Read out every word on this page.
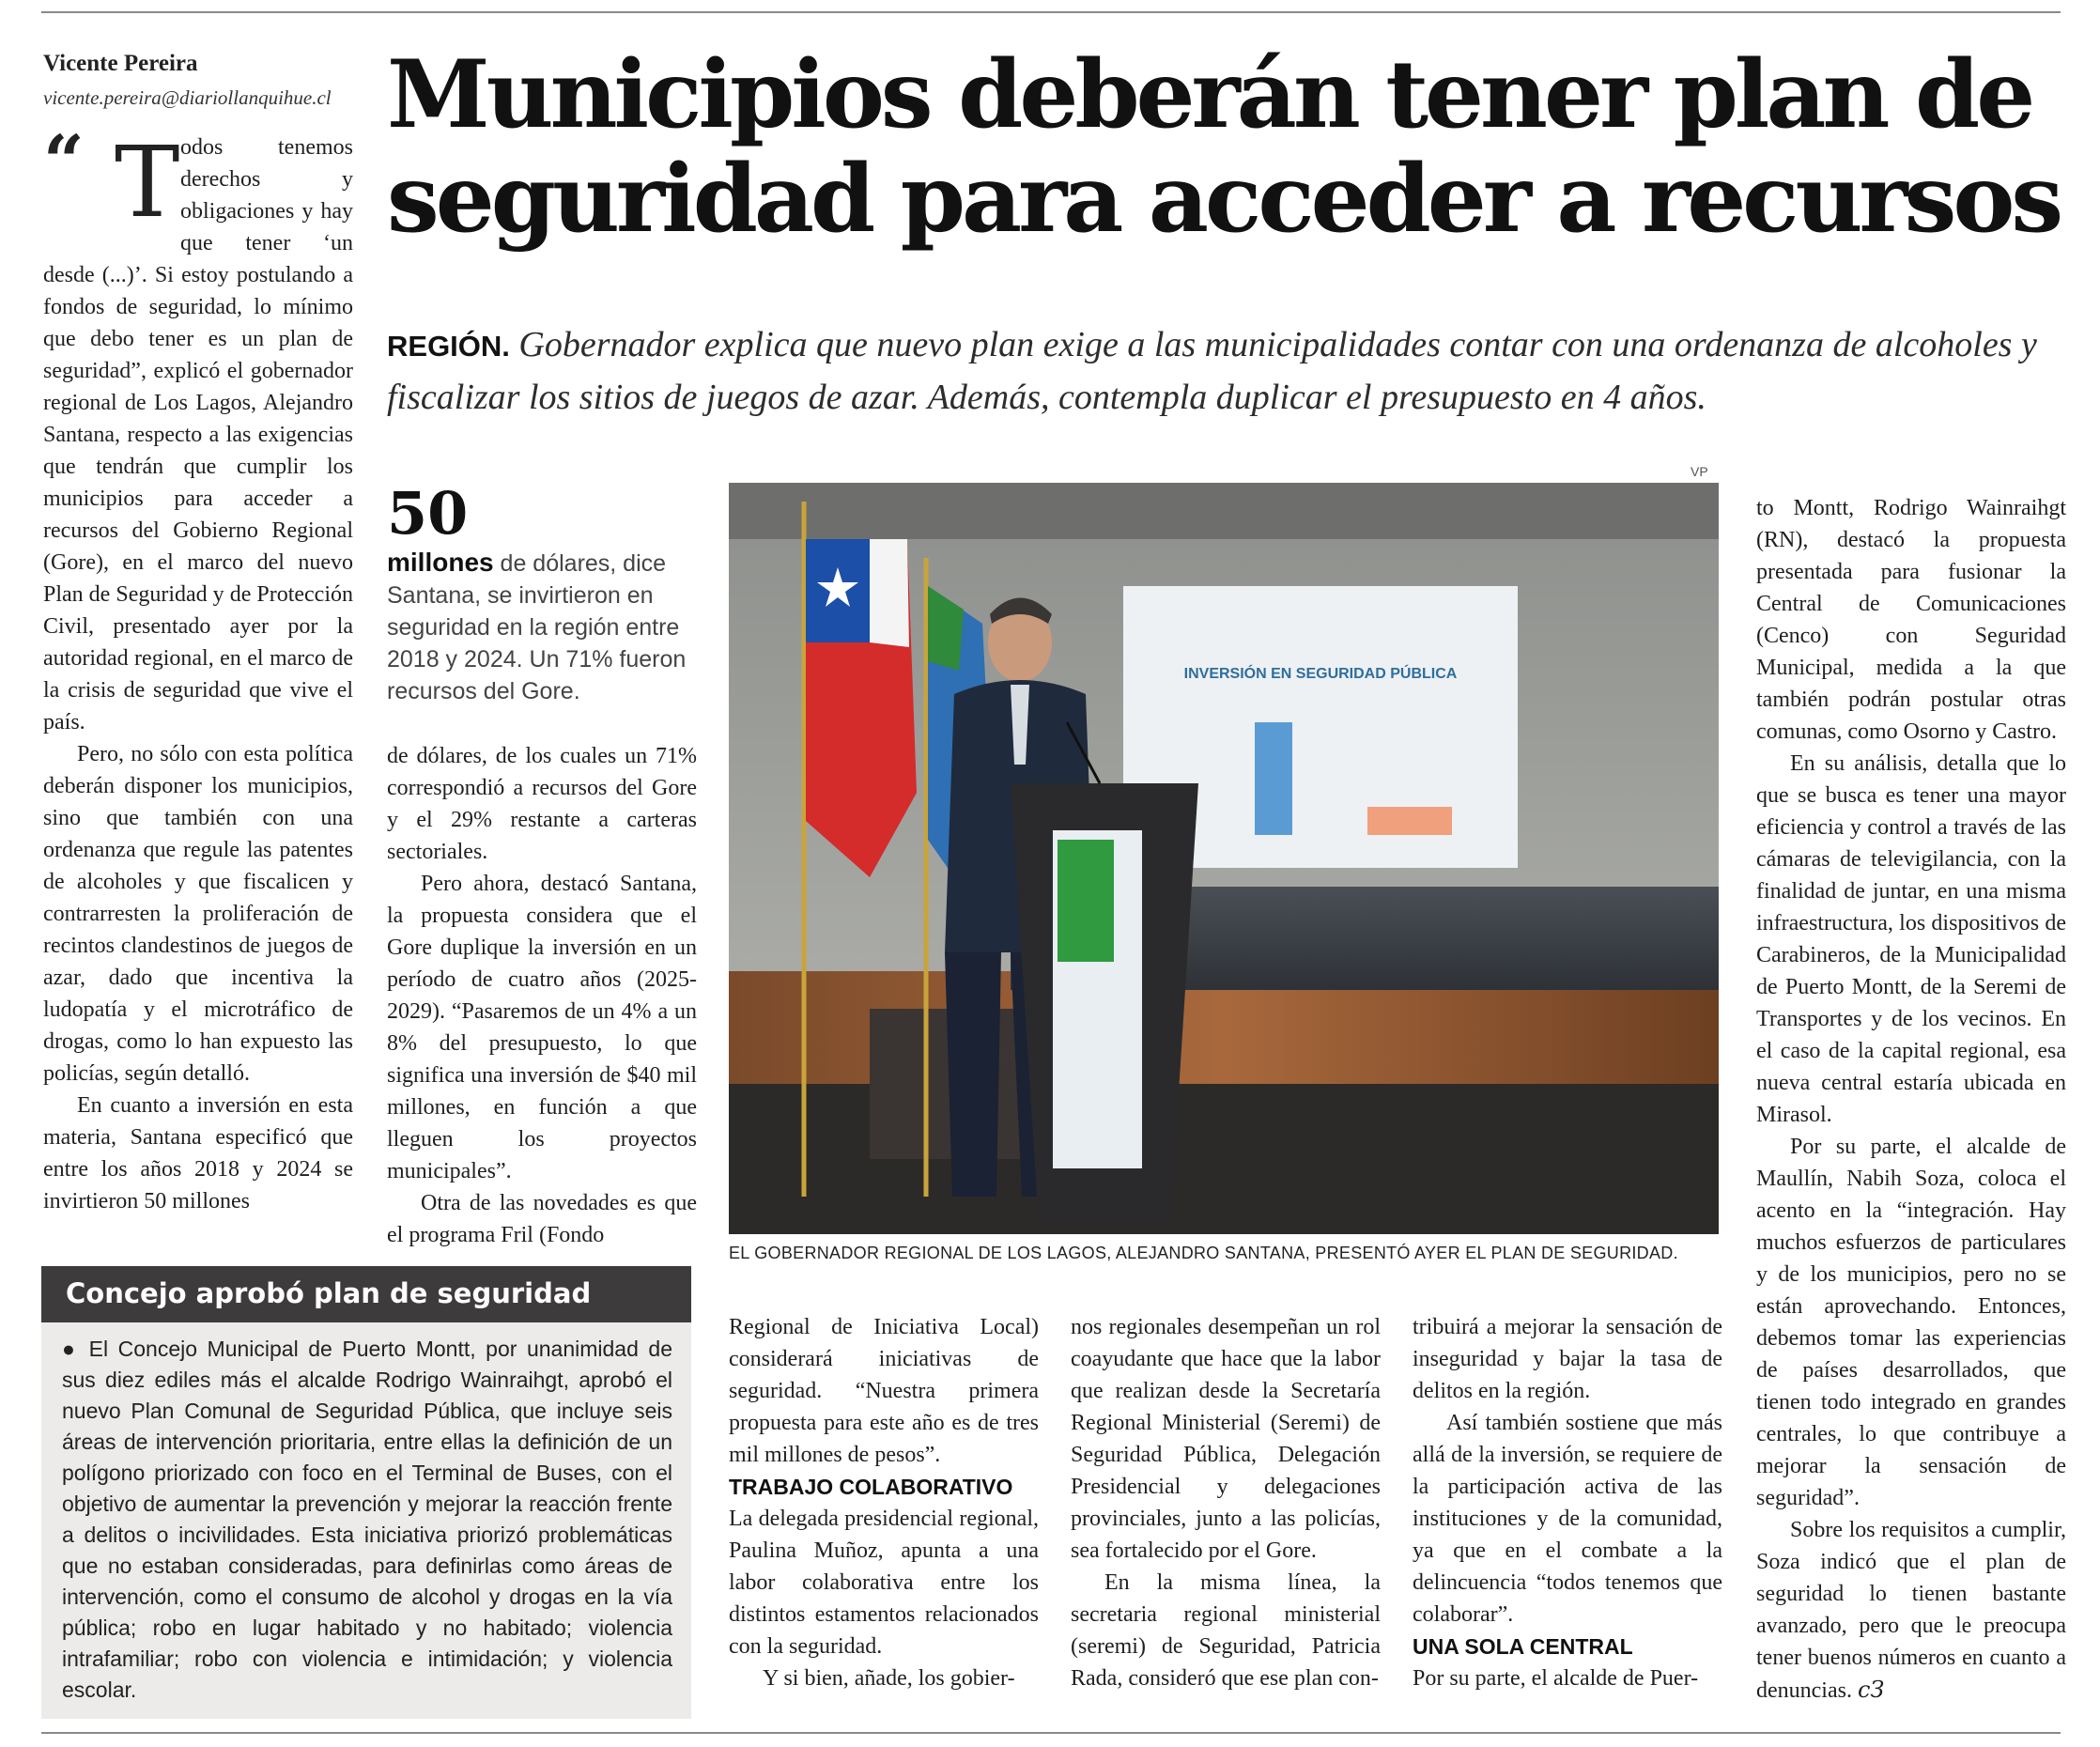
Vicente Pereira
vicente.pereira@diariollanquihue.cl Municipios deberán tener plan de
seguridad para acceder a recursos
REGIÓN. Gobernador explica que nuevo plan exige a las municipalidades contar con una ordenanza de alcoholes y fiscalizar los sitios de juegos de azar. Además, contempla duplicar el presupuesto en 4 años.
“ T odos tenemos derechos y obligaciones y hay que tener ‘un desde (...)’. Si estoy postulando a fondos de seguridad, lo mínimo que debo tener es un plan de seguridad”, explicó el gobernador regional de Los Lagos, Alejandro Santana, respecto a las exigencias que tendrán que cumplir los municipios para acceder a recursos del Gobierno Regional (Gore), en el marco del nuevo Plan de Seguridad y de Protección Civil, presentado ayer por la autoridad regional, en el marco de la crisis de seguridad que vive el país.

Pero, no sólo con esta política deberán disponer los municipios, sino que también con una ordenanza que regule las patentes de alcoholes y que fiscalicen y contrarresten la proliferación de recintos clandestinos de juegos de azar, dado que incentiva la ludopatía y el microtráfico de drogas, como lo han expuesto las policías, según detalló.

En cuanto a inversión en esta materia, Santana especificó que entre los años 2018 y 2024 se invirtieron 50 millones

50
millones de dólares, dice Santana, se invirtieron en seguridad en la región entre 2018 y 2024. Un 71% fueron recursos del Gore.

de dólares, de los cuales un 71% correspondió a recursos del Gore y el 29% restante a carteras sectoriales.

Pero ahora, destacó Santana, la propuesta considera que el Gore duplique la inversión en un período de cuatro años (2025-2029). “Pasaremos de un 4% a un 8% del presupuesto, lo que significa una inversión de $40 mil millones, en función a que lleguen los proyectos municipales”.

Otra de las novedades es que el programa Fril (Fondo

VP
INVERSIÓN EN SEGURIDAD PÚBLICA
EL GOBERNADOR REGIONAL DE LOS LAGOS, ALEJANDRO SANTANA, PRESENTÓ AYER EL PLAN DE SEGURIDAD.
Concejo aprobó plan de seguridad
● El Concejo Municipal de Puerto Montt, por unanimidad de sus diez ediles más el alcalde Rodrigo Wainraihgt, aprobó el nuevo Plan Comunal de Seguridad Pública, que incluye seis áreas de intervención prioritaria, entre ellas la definición de un polígono priorizado con foco en el Terminal de Buses, con el objetivo de aumentar la prevención y mejorar la reacción frente a delitos o incivilidades. Esta iniciativa priorizó problemáticas que no estaban consideradas, para definirlas como áreas de intervención, como el consumo de alcohol y drogas en la vía pública; robo en lugar habitado y no habitado; violencia intrafamiliar; robo con violencia e intimidación; y violencia escolar.

Regional de Iniciativa Local) considerará iniciativas de seguridad. “Nuestra primera propuesta para este año es de tres mil millones de pesos”.

TRABAJO COLABORATIVO

La delegada presidencial regional, Paulina Muñoz, apunta a una labor colaborativa entre los distintos estamentos relacionados con la seguridad.

Y si bien, añade, los gobier-

nos regionales desempeñan un rol coayudante que hace que la labor que realizan desde la Secretaría Regional Ministerial (Seremi) de Seguridad Pública, Delegación Presidencial y delegaciones provinciales, junto a las policías, sea fortalecido por el Gore.

En la misma línea, la secretaria regional ministerial (seremi) de Seguridad, Patricia Rada, consideró que ese plan con-

tribuirá a mejorar la sensación de inseguridad y bajar la tasa de delitos en la región.

Así también sostiene que más allá de la inversión, se requiere de la participación activa de las instituciones y de la comunidad, ya que en el combate a la delincuencia “todos tenemos que colaborar”.

UNA SOLA CENTRAL

Por su parte, el alcalde de Puer-

to Montt, Rodrigo Wainraihgt (RN), destacó la propuesta presentada para fusionar la Central de Comunicaciones (Cenco) con Seguridad Municipal, medida a la que también podrán postular otras comunas, como Osorno y Castro.

En su análisis, detalla que lo que se busca es tener una mayor eficiencia y control a través de las cámaras de televigilancia, con la finalidad de juntar, en una misma infraestructura, los dispositivos de Carabineros, de la Municipalidad de Puerto Montt, de la Seremi de Transportes y de los vecinos. En el caso de la capital regional, esa nueva central estaría ubicada en Mirasol.

Por su parte, el alcalde de Maullín, Nabih Soza, coloca el acento en la “integración. Hay muchos esfuerzos de particulares y de los municipios, pero no se están aprovechando. Entonces, debemos tomar las experiencias de países desarrollados, que tienen todo integrado en grandes centrales, lo que contribuye a mejorar la sensación de seguridad”.

Sobre los requisitos a cumplir, Soza indicó que el plan de seguridad lo tienen bastante avanzado, pero que le preocupa tener buenos números en cuanto a denuncias. cЗ
